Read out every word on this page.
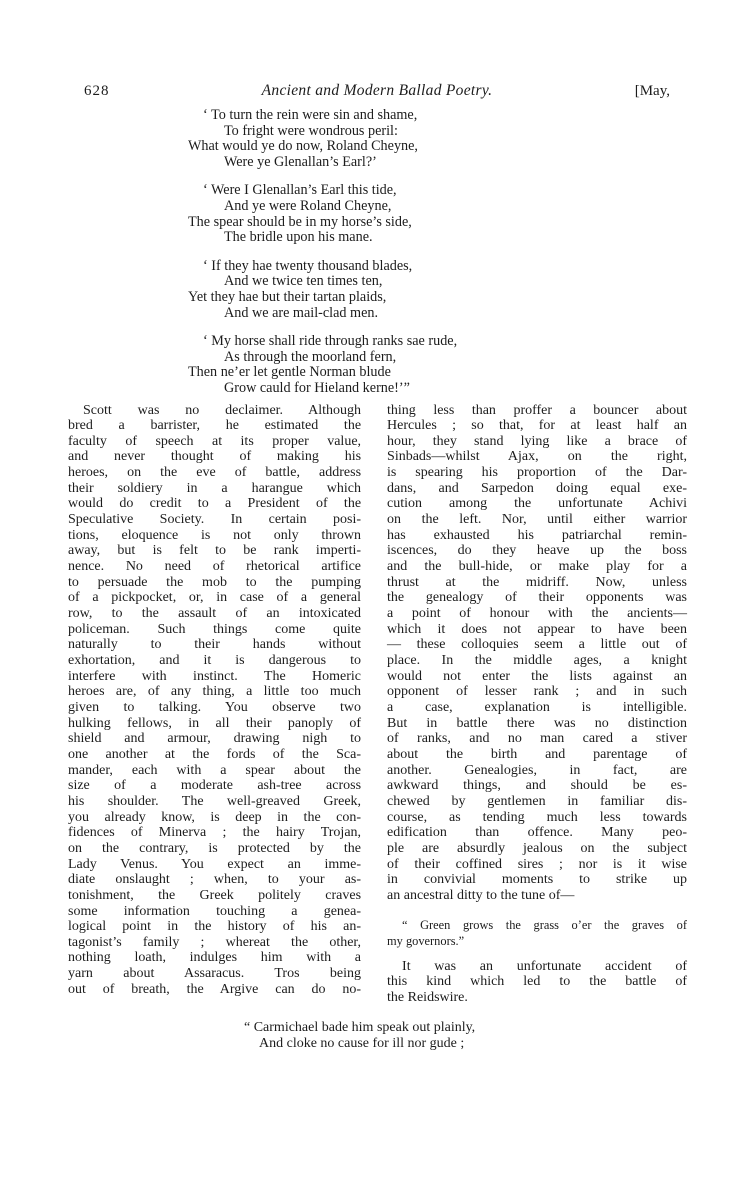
628	Ancient and Modern Ballad Poetry.	[May,
‘ To turn the rein were sin and shame,
To fright were wondrous peril:
What would ye do now, Roland Cheyne,
Were ye Glenallan’s Earl?’
‘ Were I Glenallan’s Earl this tide,
And ye were Roland Cheyne,
The spear should be in my horse’s side,
The bridle upon his mane.
‘ If they hae twenty thousand blades,
And we twice ten times ten,
Yet they hae but their tartan plaids,
And we are mail-clad men.
‘ My horse shall ride through ranks sae rude,
As through the moorland fern,
Then ne’er let gentle Norman blude
Grow cauld for Hieland kerne!’”
Scott was no declaimer. Although
bred a barrister, he estimated the
faculty of speech at its proper value,
and never thought of making his
heroes, on the eve of battle, address
their soldiery in a harangue which
would do credit to a President of the
Speculative Society. In certain posi-
tions, eloquence is not only thrown
away, but is felt to be rank imperti-
nence. No need of rhetorical artifice
to persuade the mob to the pumping
of a pickpocket, or, in case of a general
row, to the assault of an intoxicated
policeman. Such things come quite
naturally to their hands without
exhortation, and it is dangerous to
interfere with instinct. The Homeric
heroes are, of any thing, a little too much
given to talking. You observe two
hulking fellows, in all their panoply of
shield and armour, drawing nigh to
one another at the fords of the Sca-
mander, each with a spear about the
size of a moderate ash-tree across
his shoulder. The well-greaved Greek,
you already know, is deep in the con-
fidences of Minerva ; the hairy Trojan,
on the contrary, is protected by the
Lady Venus. You expect an imme-
diate onslaught ; when, to your as-
tonishment, the Greek politely craves
some information touching a genea-
logical point in the history of his an-
tagonist’s family ; whereat the other,
nothing loath, indulges him with a
yarn about Assaracus. Tros being
out of breath, the Argive can do no-
thing less than proffer a bouncer about
Hercules ; so that, for at least half an
hour, they stand lying like a brace of
Sinbads—whilst Ajax, on the right,
is spearing his proportion of the Dar-
dans, and Sarpedon doing equal exe-
cution among the unfortunate Achivi
on the left. Nor, until either warrior
has exhausted his patriarchal remin-
iscences, do they heave up the boss
and the bull-hide, or make play for a
thrust at the midriff. Now, unless
the genealogy of their opponents was
a point of honour with the ancients—
which it does not appear to have been
— these colloquies seem a little out of
place. In the middle ages, a knight
would not enter the lists against an
opponent of lesser rank ; and in such
a case, explanation is intelligible.
But in battle there was no distinction
of ranks, and no man cared a stiver
about the birth and parentage of
another. Genealogies, in fact, are
awkward things, and should be es-
chewed by gentlemen in familiar dis-
course, as tending much less towards
edification than offence. Many peo-
ple are absurdly jealous on the subject
of their coffined sires ; nor is it wise
in convivial moments to strike up
an ancestral ditty to the tune of—
“ Green grows the grass o’er the graves of
my governors.”
It was an unfortunate accident of
this kind which led to the battle of
the Reidswire.
“ Carmichael bade him speak out plainly,
And cloke no cause for ill nor gude ;
